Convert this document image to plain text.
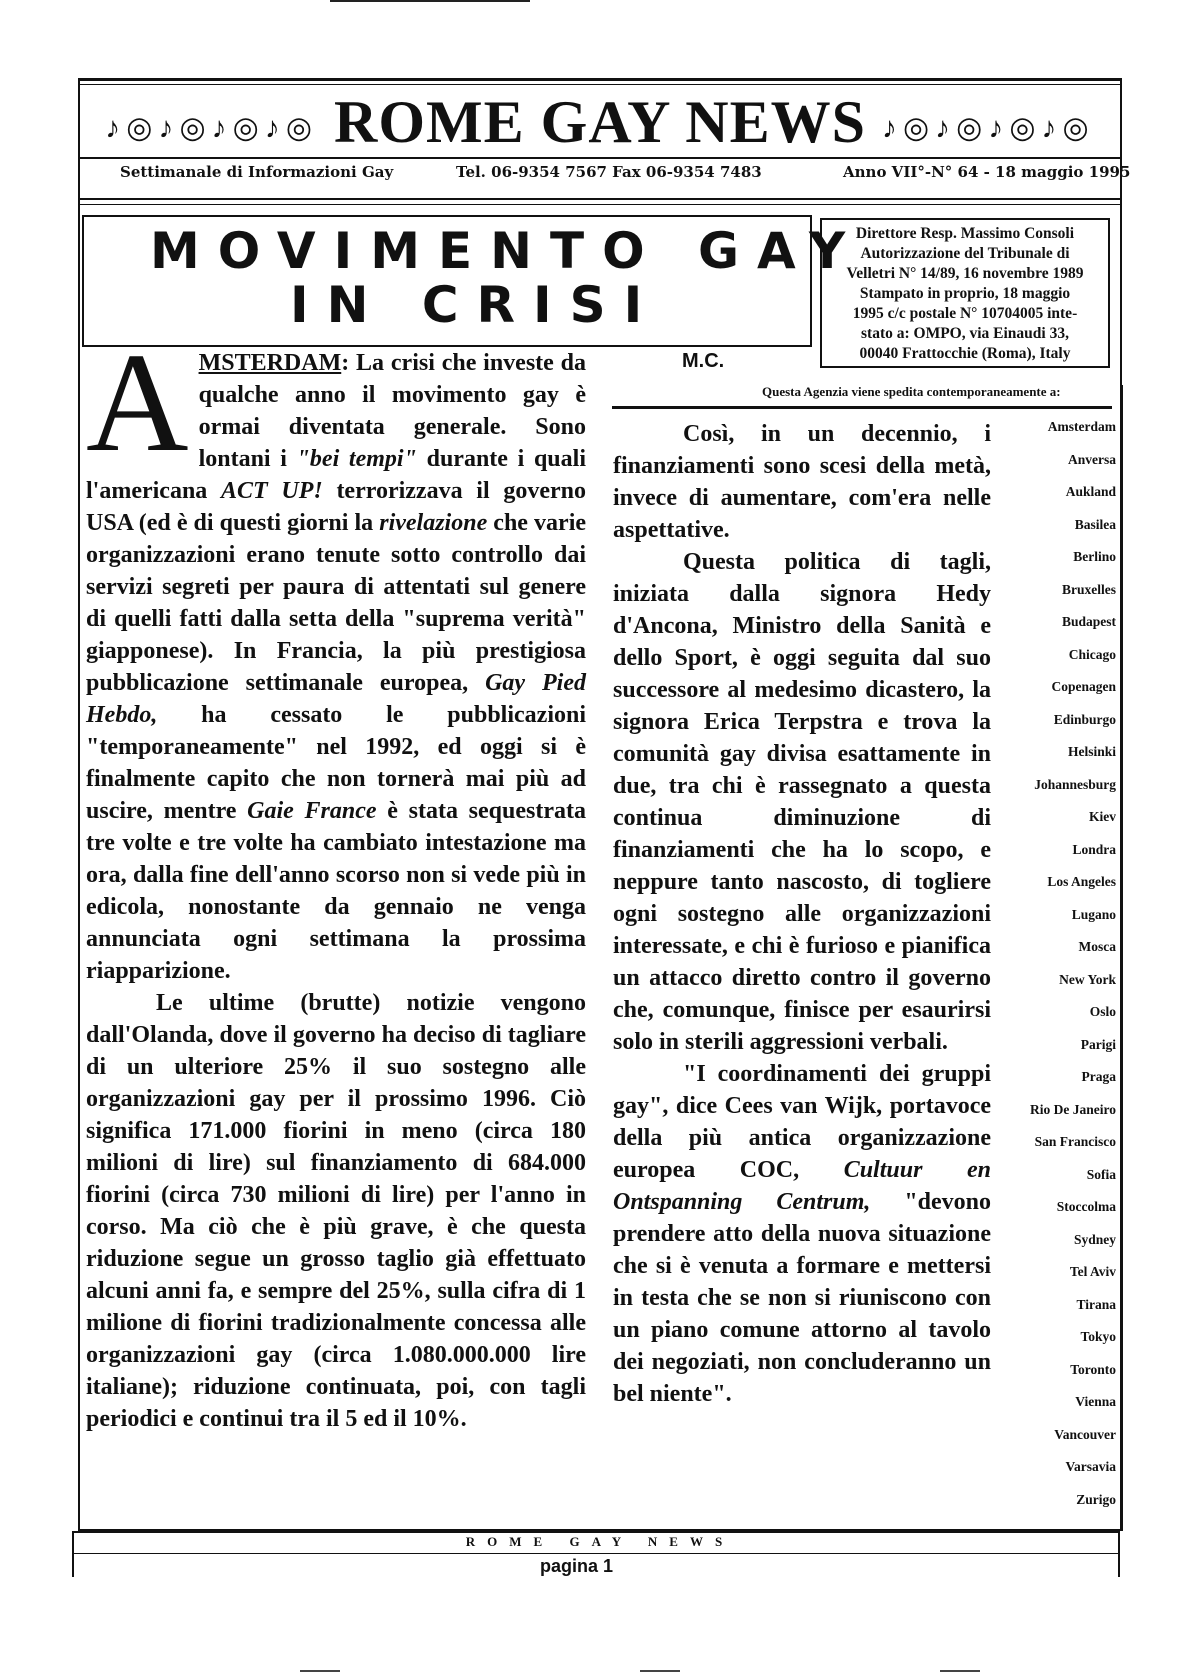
♪◎♪◎♪◎♪◎ ROME GAY NEWS ♪◎♪◎♪◎♪◎
Settimanale di Informazioni Gay	Tel. 06-9354 7567 Fax 06-9354 7483	Anno VII°-N° 64 - 18 maggio 1995
MOVIMENTO GAY
IN CRISI
Direttore Resp. Massimo Consoli
Autorizzazione del Tribunale di
Velletri N° 14/89, 16 novembre 1989
Stampato in proprio, 18 maggio
1995 c/c postale N° 10704005 inte-
stato a: OMPO, via Einaudi 33,
00040 Frattocchie (Roma), Italy
M.C.
Questa Agenzia viene spedita contemporaneamente a:

A MSTERDAM: La crisi che investe da qualche anno il movimento gay è ormai diventata generale. Sono lontani i "bei tempi" durante i quali l'americana ACT UP! terrorizzava il governo USA (ed è di questi giorni la rivelazione che varie organizzazioni erano tenute sotto controllo dai servizi segreti per paura di attentati sul genere di quelli fatti dalla setta della "suprema verità" giapponese). In Francia, la più prestigiosa pubblicazione settimanale europea, Gay Pied Hebdo, ha cessato le pubblicazioni "temporaneamente" nel 1992, ed oggi si è finalmente capito che non tornerà mai più ad uscire, mentre Gaie France è stata sequestrata tre volte e tre volte ha cambiato intestazione ma ora, dalla fine dell'anno scorso non si vede più in edicola, nonostante da gennaio ne venga annunciata ogni settimana la prossima riapparizione.

Le ultime (brutte) notizie vengono dall'Olanda, dove il governo ha deciso di tagliare di un ulteriore 25% il suo sostegno alle organizzazioni gay per il prossimo 1996. Ciò significa 171.000 fiorini in meno (circa 180 milioni di lire) sul finanziamento di 684.000 fiorini (circa 730 milioni di lire) per l'anno in corso. Ma ciò che è più grave, è che questa riduzione segue un grosso taglio già effettuato alcuni anni fa, e sempre del 25%, sulla cifra di 1 milione di fiorini tradizionalmente concessa alle organizzazioni gay (circa 1.080.000.000 lire italiane); riduzione continuata, poi, con tagli periodici e continui tra il 5 ed il 10%.

Così, in un decennio, i finanziamenti sono scesi della metà, invece di aumentare, com'era nelle aspettative.

Questa politica di tagli, iniziata dalla signora Hedy d'Ancona, Ministro della Sanità e dello Sport, è oggi seguita dal suo successore al medesimo dicastero, la signora Erica Terpstra e trova la comunità gay divisa esattamente in due, tra chi è rassegnato a questa continua diminuzione di finanziamenti che ha lo scopo, e neppure tanto nascosto, di togliere ogni sostegno alle organizzazioni interessate, e chi è furioso e pianifica un attacco diretto contro il governo che, comunque, finisce per esaurirsi solo in sterili aggressioni verbali.

"I coordinamenti dei gruppi gay", dice Cees van Wijk, portavoce della più antica organizzazione europea COC, Cultuur en Ontspanning Centrum, "devono prendere atto della nuova situazione che si è venuta a formare e mettersi in testa che se non si riuniscono con un piano comune attorno al tavolo dei negoziati, non concluderanno un bel niente".

Amsterdam
Anversa
Aukland
Basilea
Berlino
Bruxelles
Budapest
Chicago
Copenagen
Edinburgo
Helsinki
Johannesburg
Kiev
Londra
Los Angeles
Lugano
Mosca
New York
Oslo
Parigi
Praga
Rio De Janeiro
San Francisco
Sofia
Stoccolma
Sydney
Tel Aviv
Tirana
Tokyo
Toronto
Vienna
Vancouver
Varsavia
Zurigo
ROME GAY NEWS
pagina 1
